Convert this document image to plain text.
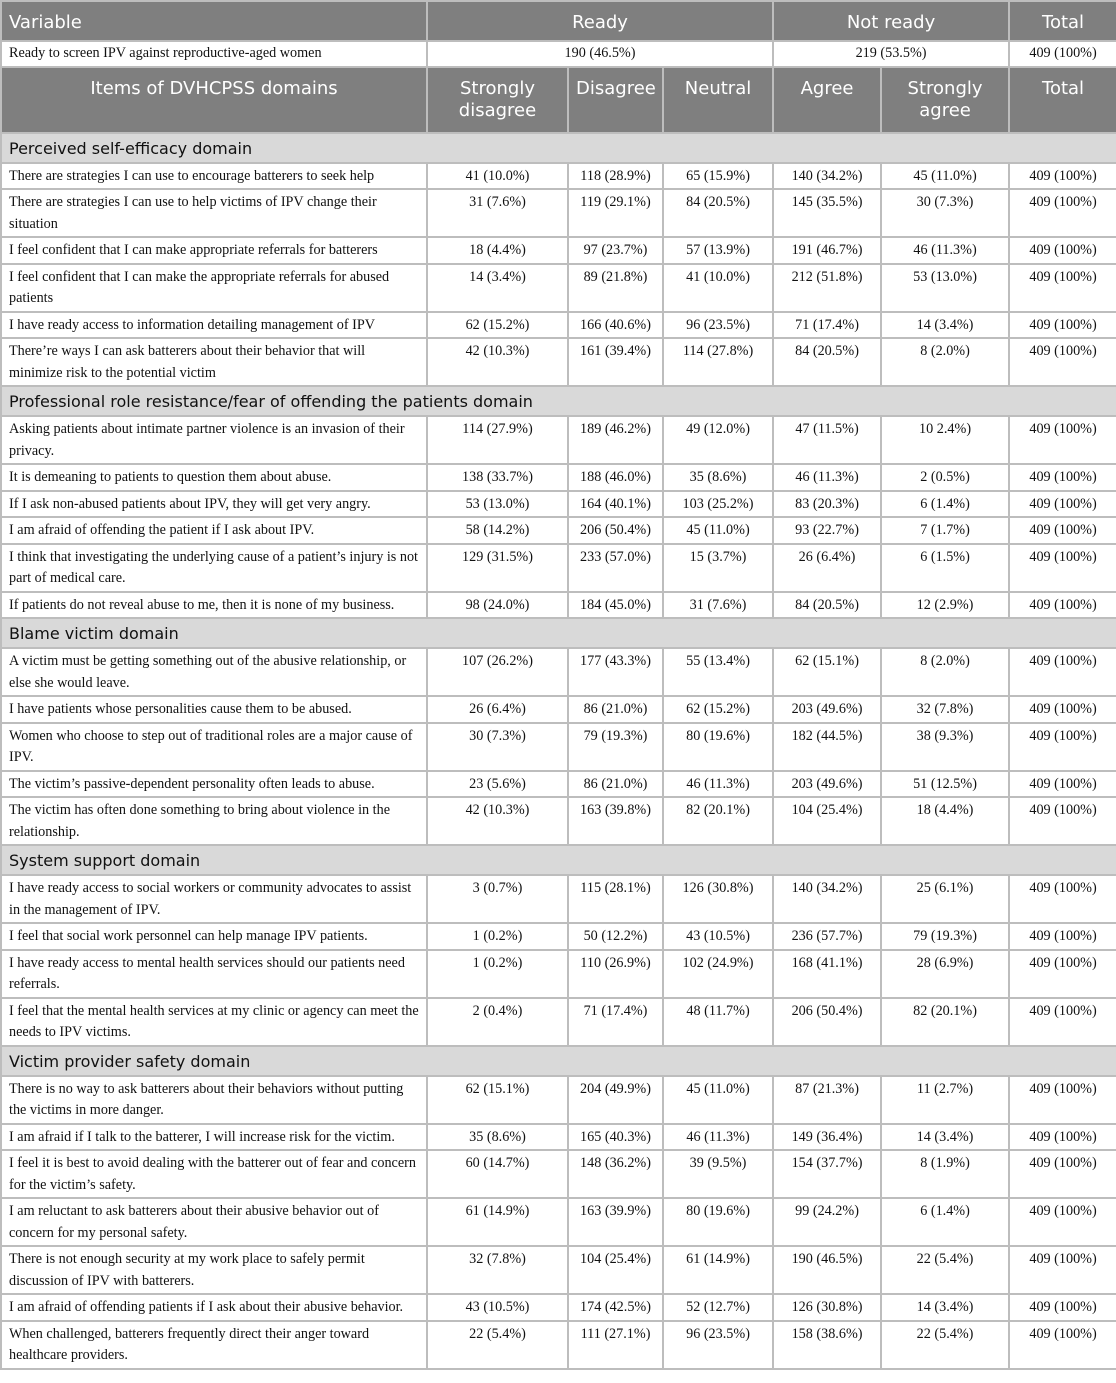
Variable	Ready			Not ready		Total
Ready to screen IPV against reproductive-aged women	190 (46.5%)			219 (53.5%)		409 (100%)
Items of DVHCPSS domains	Strongly disagree	Disagree	Neutral	Agree	Strongly agree	Total
Perceived self-efficacy domain						
There are strategies I can use to encourage batterers to seek help	41 (10.0%)	118 (28.9%)	65 (15.9%)	140 (34.2%)	45 (11.0%)	409 (100%)
There are strategies I can use to help victims of IPV change their situation	31 (7.6%)	119 (29.1%)	84 (20.5%)	145 (35.5%)	30 (7.3%)	409 (100%)
I feel confident that I can make appropriate referrals for batterers	18 (4.4%)	97 (23.7%)	57 (13.9%)	191 (46.7%)	46 (11.3%)	409 (100%)
I feel confident that I can make the appropriate referrals for abused patients	14 (3.4%)	89 (21.8%)	41 (10.0%)	212 (51.8%)	53 (13.0%)	409 (100%)
I have ready access to information detailing management of IPV	62 (15.2%)	166 (40.6%)	96 (23.5%)	71 (17.4%)	14 (3.4%)	409 (100%)
There’re ways I can ask batterers about their behavior that will minimize risk to the potential victim	42 (10.3%)	161 (39.4%)	114 (27.8%)	84 (20.5%)	8 (2.0%)	409 (100%)
Professional role resistance/fear of offending the patients domain						
Asking patients about intimate partner violence is an invasion of their privacy.	114 (27.9%)	189 (46.2%)	49 (12.0%)	47 (11.5%)	10 2.4%)	409 (100%)
It is demeaning to patients to question them about abuse.	138 (33.7%)	188 (46.0%)	35 (8.6%)	46 (11.3%)	2 (0.5%)	409 (100%)
If I ask non-abused patients about IPV, they will get very angry.	53 (13.0%)	164 (40.1%)	103 (25.2%)	83 (20.3%)	6 (1.4%)	409 (100%)
I am afraid of offending the patient if I ask about IPV.	58 (14.2%)	206 (50.4%)	45 (11.0%)	93 (22.7%)	7 (1.7%)	409 (100%)
I think that investigating the underlying cause of a patient’s injury is not part of medical care.	129 (31.5%)	233 (57.0%)	15 (3.7%)	26 (6.4%)	6 (1.5%)	409 (100%)
If patients do not reveal abuse to me, then it is none of my business.	98 (24.0%)	184 (45.0%)	31 (7.6%)	84 (20.5%)	12 (2.9%)	409 (100%)
Blame victim domain						
A victim must be getting something out of the abusive relationship, or else she would leave.	107 (26.2%)	177 (43.3%)	55 (13.4%)	62 (15.1%)	8 (2.0%)	409 (100%)
I have patients whose personalities cause them to be abused.	26 (6.4%)	86 (21.0%)	62 (15.2%)	203 (49.6%)	32 (7.8%)	409 (100%)
Women who choose to step out of traditional roles are a major cause of IPV.	30 (7.3%)	79 (19.3%)	80 (19.6%)	182 (44.5%)	38 (9.3%)	409 (100%)
The victim’s passive-dependent personality often leads to abuse.	23 (5.6%)	86 (21.0%)	46 (11.3%)	203 (49.6%)	51 (12.5%)	409 (100%)
The victim has often done something to bring about violence in the relationship.	42 (10.3%)	163 (39.8%)	82 (20.1%)	104 (25.4%)	18 (4.4%)	409 (100%)
System support domain						
I have ready access to social workers or community advocates to assist in the management of IPV.	3 (0.7%)	115 (28.1%)	126 (30.8%)	140 (34.2%)	25 (6.1%)	409 (100%)
I feel that social work personnel can help manage IPV patients.	1 (0.2%)	50 (12.2%)	43 (10.5%)	236 (57.7%)	79 (19.3%)	409 (100%)
I have ready access to mental health services should our patients need referrals.	1 (0.2%)	110 (26.9%)	102 (24.9%)	168 (41.1%)	28 (6.9%)	409 (100%)
I feel that the mental health services at my clinic or agency can meet the needs to IPV victims.	2 (0.4%)	71 (17.4%)	48 (11.7%)	206 (50.4%)	82 (20.1%)	409 (100%)
Victim provider safety domain						
There is no way to ask batterers about their behaviors without putting the victims in more danger.	62 (15.1%)	204 (49.9%)	45 (11.0%)	87 (21.3%)	11 (2.7%)	409 (100%)
I am afraid if I talk to the batterer, I will increase risk for the victim.	35 (8.6%)	165 (40.3%)	46 (11.3%)	149 (36.4%)	14 (3.4%)	409 (100%)
I feel it is best to avoid dealing with the batterer out of fear and concern for the victim’s safety.	60 (14.7%)	148 (36.2%)	39 (9.5%)	154 (37.7%)	8 (1.9%)	409 (100%)
I am reluctant to ask batterers about their abusive behavior out of concern for my personal safety.	61 (14.9%)	163 (39.9%)	80 (19.6%)	99 (24.2%)	6 (1.4%)	409 (100%)
There is not enough security at my work place to safely permit discussion of IPV with batterers.	32 (7.8%)	104 (25.4%)	61 (14.9%)	190 (46.5%)	22 (5.4%)	409 (100%)
I am afraid of offending patients if I ask about their abusive behavior.	43 (10.5%)	174 (42.5%)	52 (12.7%)	126 (30.8%)	14 (3.4%)	409 (100%)
When challenged, batterers frequently direct their anger toward healthcare providers.	22 (5.4%)	111 (27.1%)	96 (23.5%)	158 (38.6%)	22 (5.4%)	409 (100%)
